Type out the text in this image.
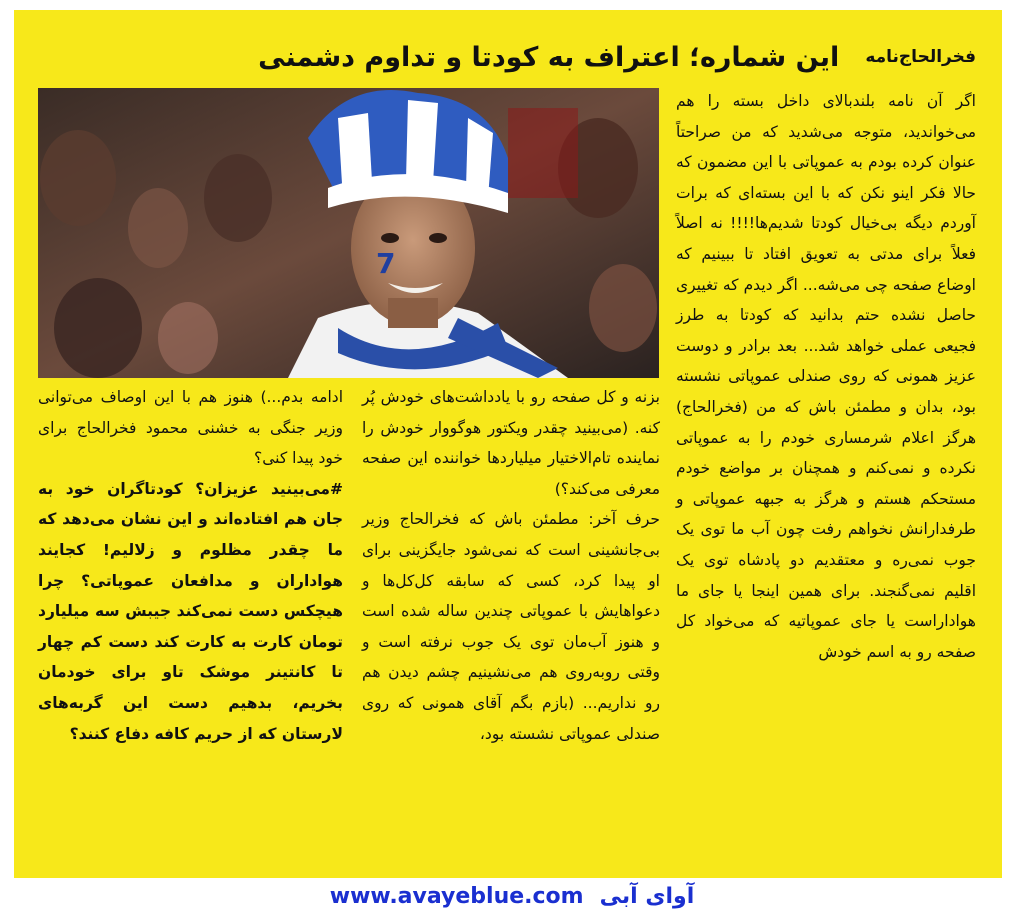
فخرالحاج‌نامه
این شماره؛ اعتراف به کودتا و تداوم دشمنی
7

اگر آن نامه بلندبالای داخل بسته را هم می‌خواندید، متوجه می‌شدید که من صراحتاً عنوان کرده بودم به عموپاتی با این مضمون که حالا فکر اینو نکن که با این بسته‌ای که برات آوردم دیگه بی‌خیال کودتا شدیم‌ها!!!! نه اصلاً فعلاً برای مدتی به تعویق افتاد تا ببینیم که اوضاع صفحه چی می‌شه... اگر دیدم که تغییری حاصل نشده حتم بدانید که کودتا به طرز فجیعی عملی خواهد شد... بعد برادر و دوست عزیز همونی که روی صندلی عموپاتی نشسته بود، بدان و مطمئن باش که من (فخرالحاج) هرگز اعلام شرمساری خودم را به عموپاتی نکرده و نمی‌کنم و همچنان بر مواضع خودم مستحکم هستم و هرگز به جبهه عموپاتی و طرفدارانش نخواهم رفت چون آب ما توی یک جوب نمی‌ره و معتقدیم دو پادشاه توی یک اقلیم نمی‌گنجند. برای همین اینجا یا جای ما هواداراست یا جای عموپاتیه که می‌خواد کل صفحه رو به اسم خودش

بزنه و کل صفحه رو با یادداشت‌های خودش پُر کنه. (می‌بینید چقدر ویکتور هوگووار خودش را نماینده تام‌الاختیار میلیاردها خواننده این صفحه معرفی می‌کند؟)

حرف آخر: مطمئن باش که فخرالحاج وزیر بی‌جانشینی است که نمی‌شود جایگزینی برای او پیدا کرد، کسی که سابقه کل‌کل‌ها و دعواهایش با عموپاتی چندین ساله شده است و هنوز آب‌مان توی یک جوب نرفته است و وقتی روبه‌روی هم می‌نشینیم چشم دیدن هم رو نداریم... (بازم بگم آقای همونی که روی صندلی عموپاتی نشسته بود،

ادامه بدم...) هنوز هم با این اوصاف می‌توانی وزیر جنگی به خشنی محمود فخرالحاج برای خود پیدا کنی؟

#می‌بینید عزیزان؟ کودتاگران خود به جان هم افتاده‌اند و این نشان می‌دهد که ما چقدر مظلوم و زلالیم! کجایند هواداران و مدافعان عموپاتی؟ چرا هیچکس دست نمی‌کند جیبش سه میلیارد تومان کارت به کارت کند دست کم چهار تا کانتینر موشک تاو برای خودمان بخریم، بدهیم دست این گربه‌های لارستان که از حریم کافه دفاع کنند؟

www.avayeblue.com آوای آبی
